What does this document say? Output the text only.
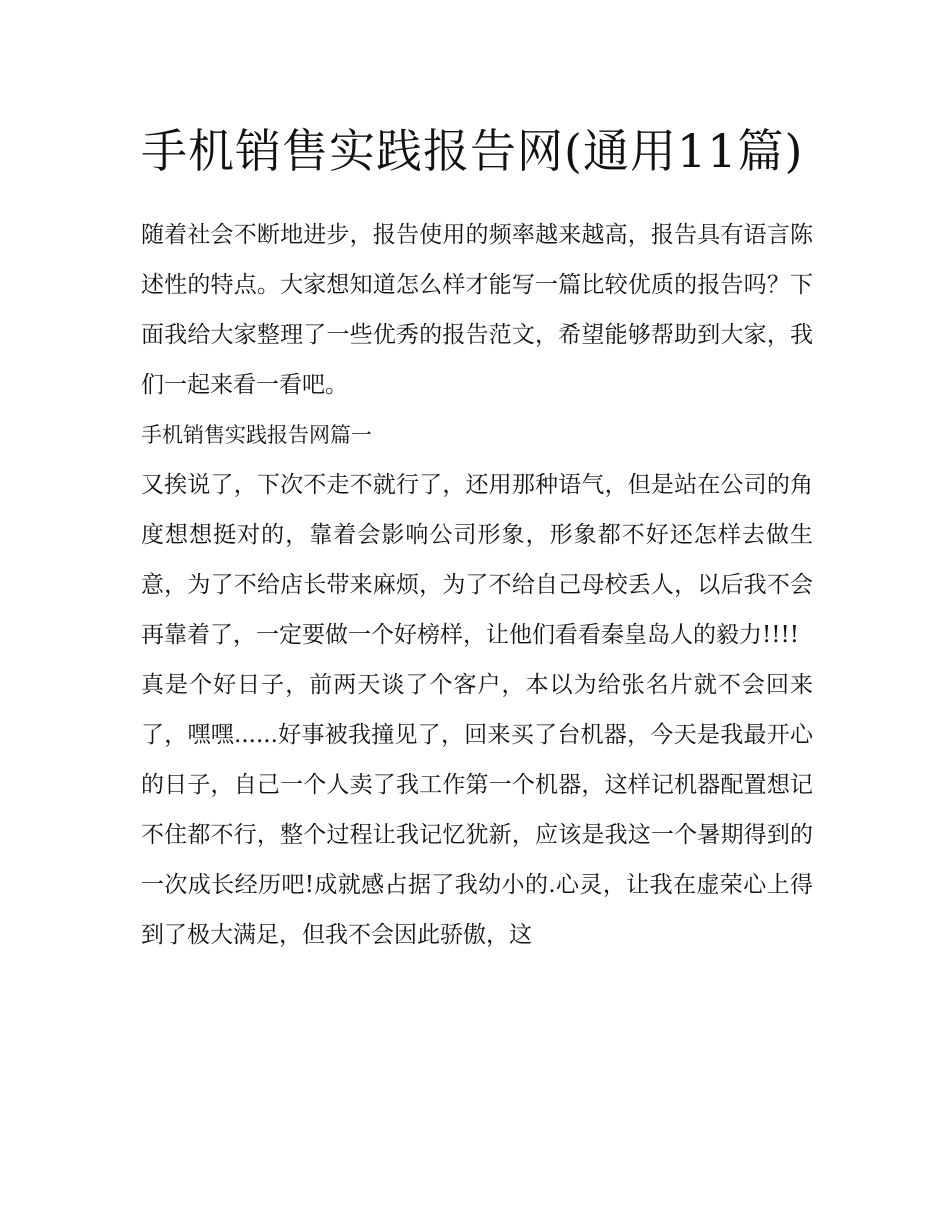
手机销售实践报告网(通用11篇)

随着社会不断地进步，报告使用的频率越来越高，报告具有语言陈述性的特点。大家想知道怎么样才能写一篇比较优质的报告吗？下面我给大家整理了一些优秀的报告范文，希望能够帮助到大家，我们一起来看一看吧。

手机销售实践报告网篇一

又挨说了，下次不走不就行了，还用那种语气，但是站在公司的角度想想挺对的，靠着会影响公司形象，形象都不好还怎样去做生意，为了不给店长带来麻烦，为了不给自己母校丢人，以后我不会再靠着了，一定要做一个好榜样，让他们看看秦皇岛人的毅力!!!!

真是个好日子，前两天谈了个客户，本以为给张名片就不会回来了，嘿嘿......好事被我撞见了，回来买了台机器，今天是我最开心的日子，自己一个人卖了我工作第一个机器，这样记机器配置想记不住都不行，整个过程让我记忆犹新，应该是我这一个暑期得到的一次成长经历吧!成就感占据了我幼小的.心灵，让我在虚荣心上得到了极大满足，但我不会因此骄傲，这
